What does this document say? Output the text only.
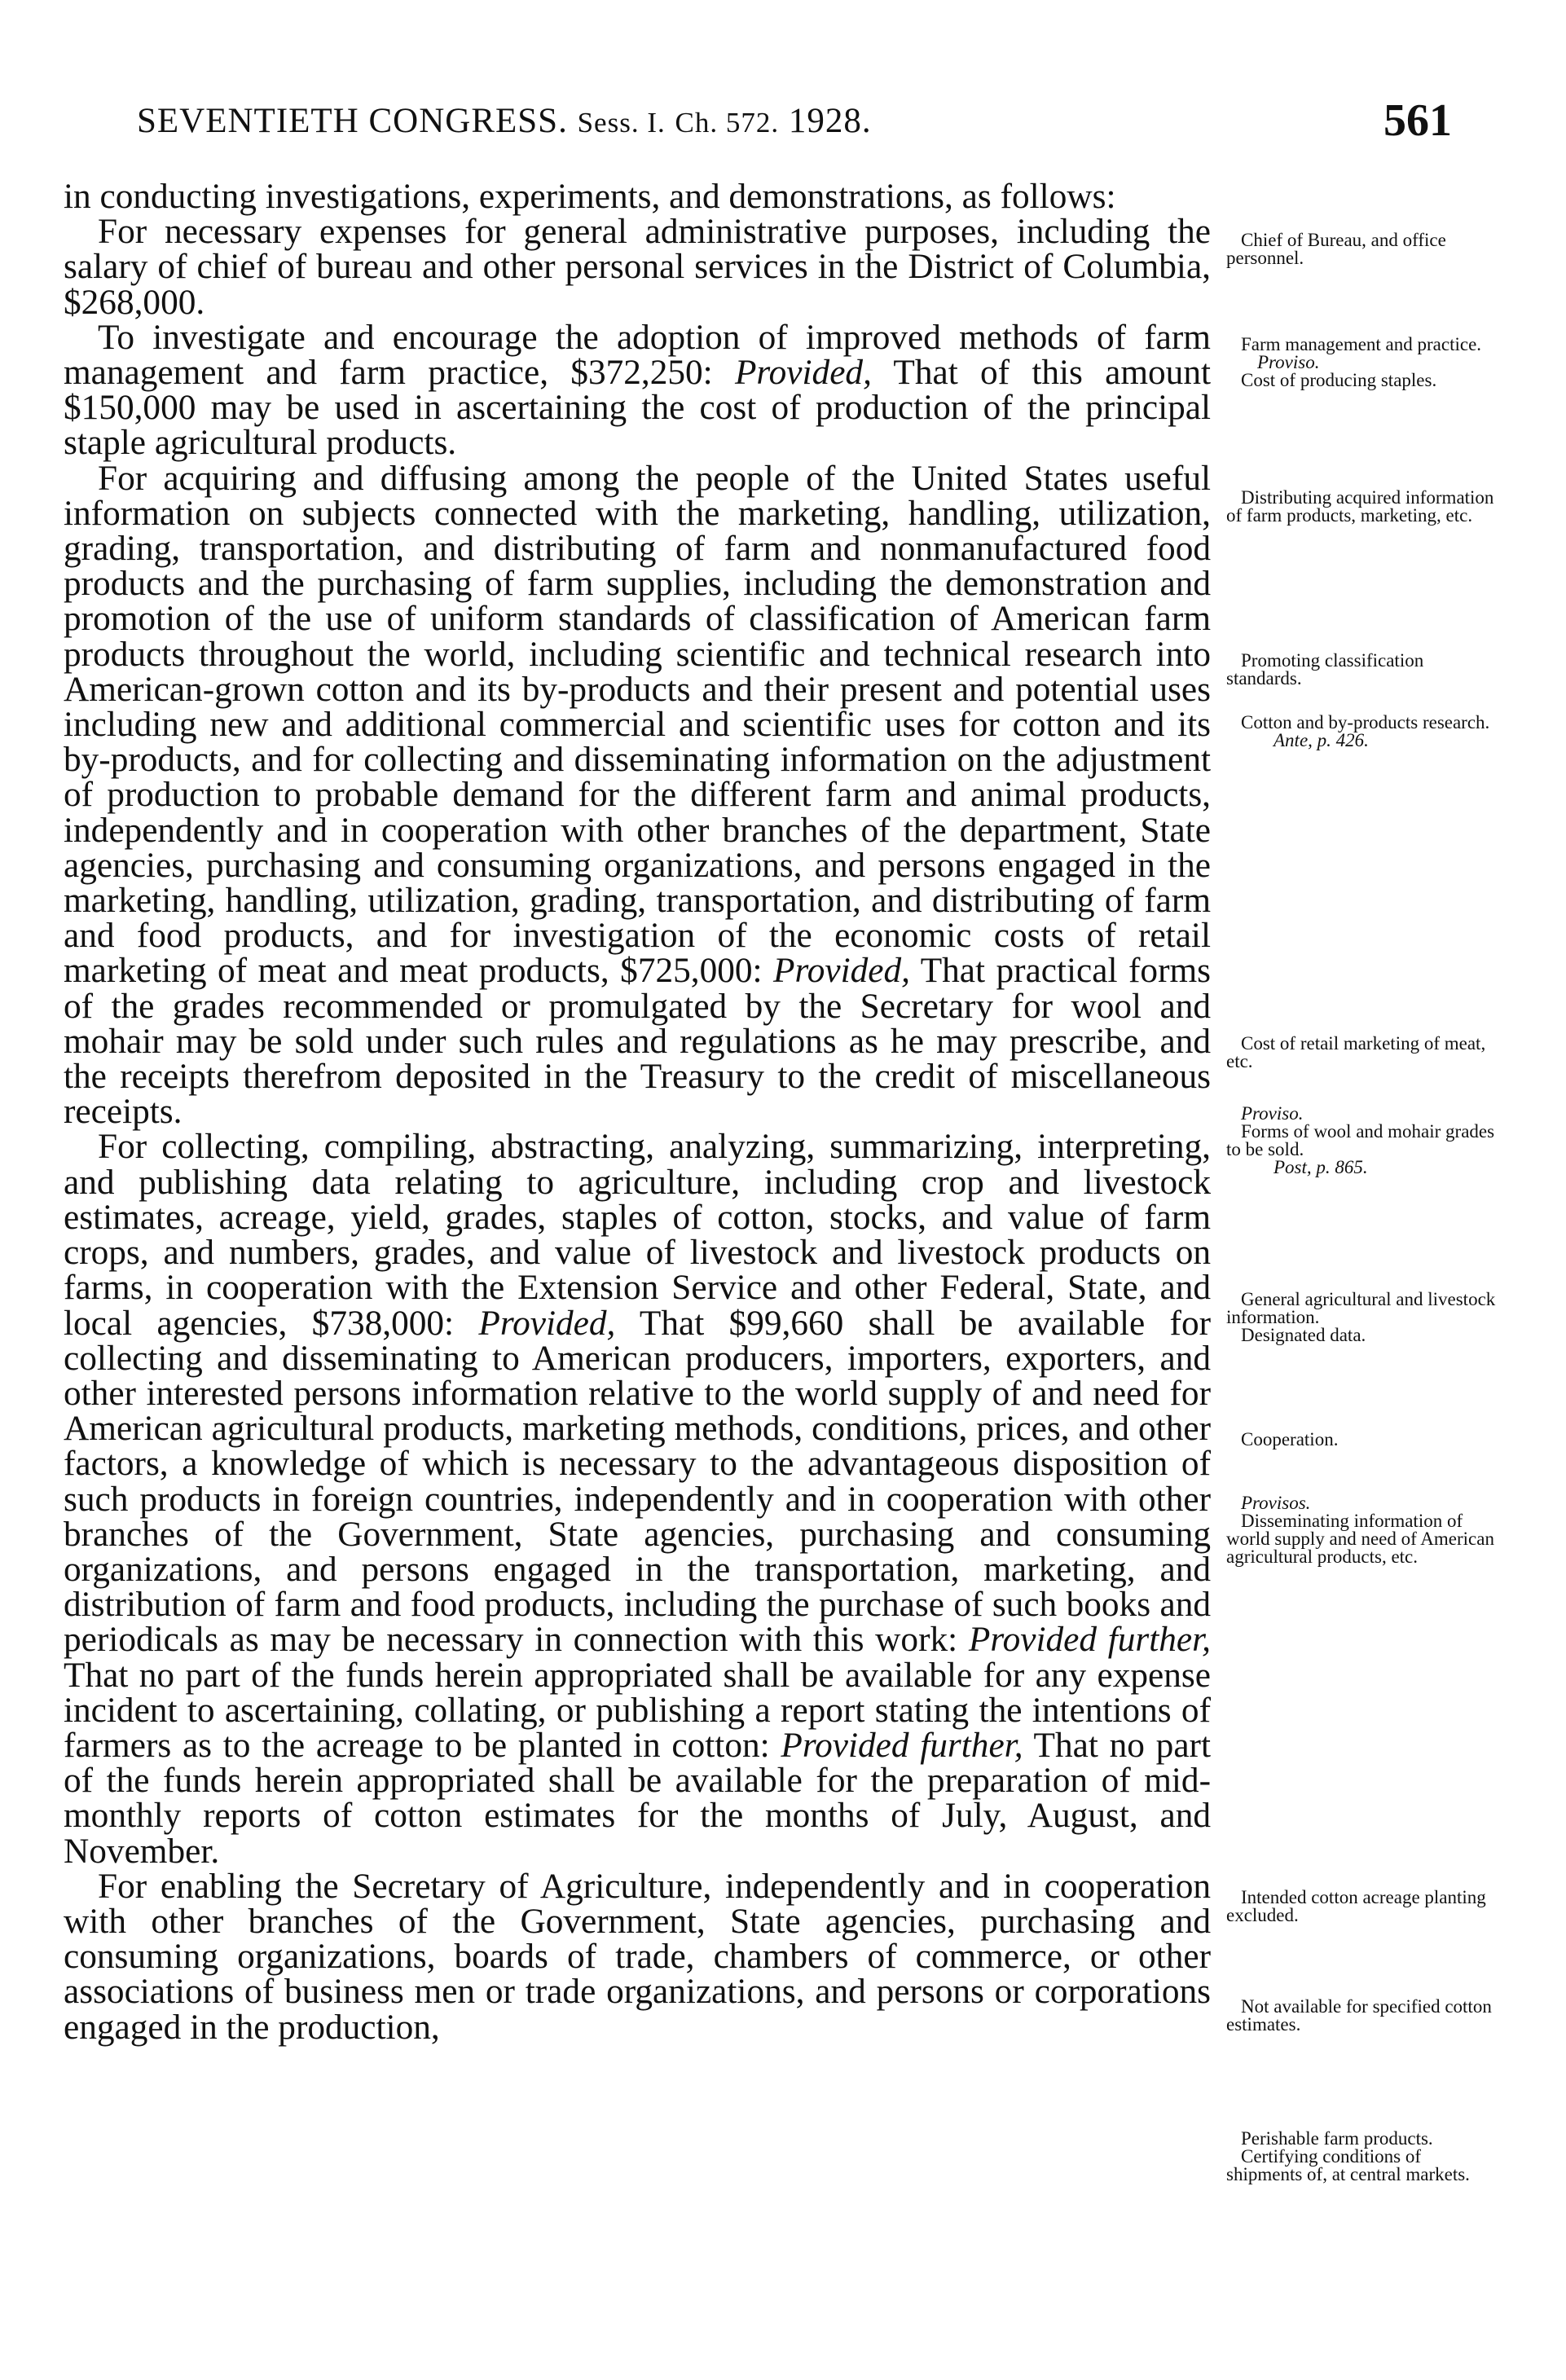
SEVENTIETH CONGRESS. Sess. I. Ch. 572. 1928.	561

in conducting investigations, experiments, and demonstrations, as follows:

For necessary expenses for general administrative purposes, including the salary of chief of bureau and other personal services in the District of Columbia, $268,000.

To investigate and encourage the adoption of improved methods of farm management and farm practice, $372,250: Provided, That of this amount $150,000 may be used in ascertaining the cost of production of the principal staple agricultural products.

For acquiring and diffusing among the people of the United States useful information on subjects connected with the marketing, handling, utilization, grading, transportation, and distributing of farm and nonmanufactured food products and the purchasing of farm supplies, including the demonstration and promotion of the use of uniform standards of classification of American farm products throughout the world, including scientific and technical research into American-grown cotton and its by-products and their present and potential uses including new and additional commercial and scientific uses for cotton and its by-products, and for collecting and disseminating information on the adjustment of production to probable demand for the different farm and animal products, independently and in cooperation with other branches of the department, State agencies, purchasing and consuming organizations, and persons engaged in the marketing, handling, utilization, grading, transportation, and distributing of farm and food products, and for investigation of the economic costs of retail marketing of meat and meat products, $725,000: Provided, That practical forms of the grades recommended or promulgated by the Secretary for wool and mohair may be sold under such rules and regulations as he may prescribe, and the receipts therefrom deposited in the Treasury to the credit of miscellaneous receipts.

For collecting, compiling, abstracting, analyzing, summarizing, interpreting, and publishing data relating to agriculture, including crop and livestock estimates, acreage, yield, grades, staples of cotton, stocks, and value of farm crops, and numbers, grades, and value of livestock and livestock products on farms, in cooperation with the Extension Service and other Federal, State, and local agencies, $738,000: Provided, That $99,660 shall be available for collecting and disseminating to American producers, importers, exporters, and other interested persons information relative to the world supply of and need for American agricultural products, marketing methods, conditions, prices, and other factors, a knowledge of which is necessary to the advantageous disposition of such products in foreign countries, independently and in cooperation with other branches of the Government, State agencies, purchasing and consuming organizations, and persons engaged in the transportation, marketing, and distribution of farm and food products, including the purchase of such books and periodicals as may be necessary in connection with this work: Provided further, That no part of the funds herein appropriated shall be available for any expense incident to ascertaining, collating, or publishing a report stating the intentions of farmers as to the acreage to be planted in cotton: Provided further, That no part of the funds herein appropriated shall be available for the preparation of mid-monthly reports of cotton estimates for the months of July, August, and November.

For enabling the Secretary of Agriculture, independently and in cooperation with other branches of the Government, State agencies, purchasing and consuming organizations, boards of trade, chambers of commerce, or other associations of business men or trade organizations, and persons or corporations engaged in the production,

Chief of Bureau, and office personnel.
Farm management and practice.
Proviso.
Cost of producing staples.
Distributing acquired information of farm products, marketing, etc.
Promoting classification standards.
Cotton and by-products research.
Ante, p. 426.
Cost of retail marketing of meat, etc.
Proviso.
Forms of wool and mohair grades to be sold.
Post, p. 865.
General agricultural and livestock information.
Designated data.
Cooperation.
Provisos.
Disseminating information of world supply and need of American agricultural products, etc.
Intended cotton acreage planting excluded.
Not available for specified cotton estimates.
Perishable farm products.
Certifying conditions of shipments of, at central markets.
